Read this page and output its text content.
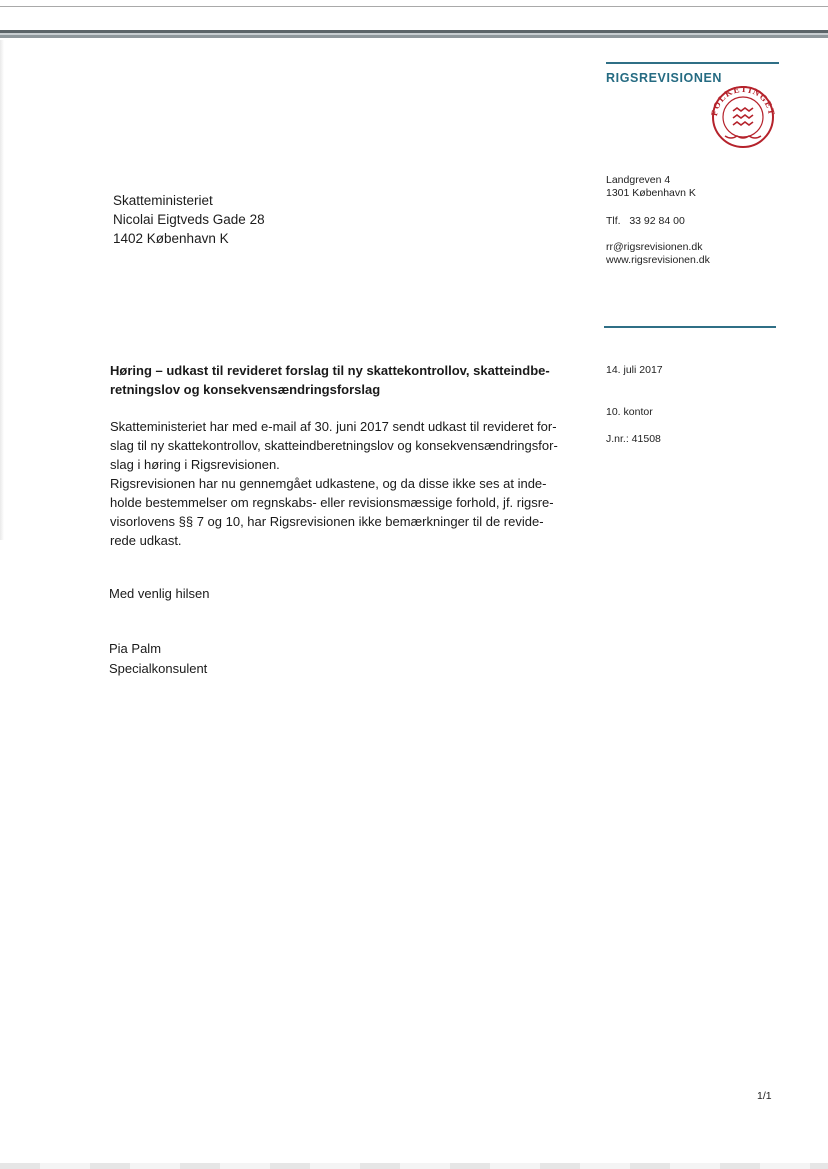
RIGSREVISIONEN
FOLKETINGET
Skatteministeriet
Nicolai Eigtveds Gade 28
1402 København K
Landgreven 4
1301 København K
Tlf.   33 92 84 00
rr@rigsrevisionen.dk
www.rigsrevisionen.dk
14. juli 2017
10. kontor
J.nr.: 41508
Høring – udkast til revideret forslag til ny skattekontrollov, skatteindbe-
retningslov og konsekvensændringsforslag
Skatteministeriet har med e-mail af 30. juni 2017 sendt udkast til revideret for-
slag til ny skattekontrollov, skatteindberetningslov og konsekvensændringsfor-
slag i høring i Rigsrevisionen.
Rigsrevisionen har nu gennemgået udkastene, og da disse ikke ses at inde-
holde bestemmelser om regnskabs- eller revisionsmæssige forhold, jf. rigsre-
visorlovens §§ 7 og 10, har Rigsrevisionen ikke bemærkninger til de revide-
rede udkast.
Med venlig hilsen
Pia Palm
Specialkonsulent
1/1
